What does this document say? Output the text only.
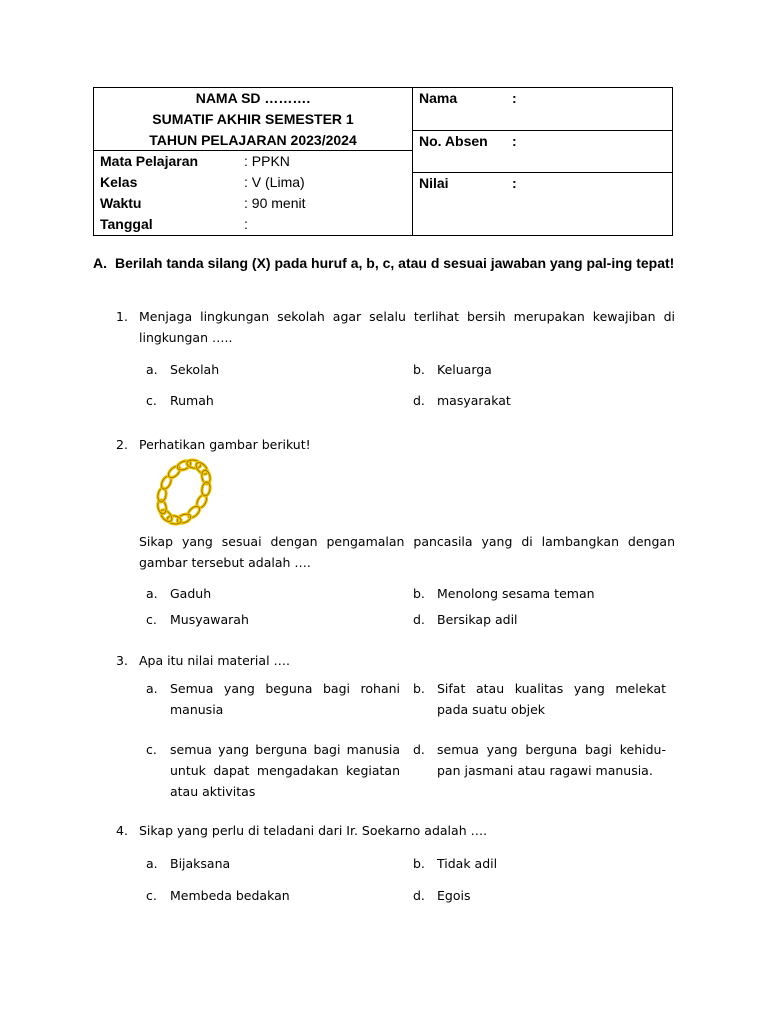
NAMA SD ……….
SUMATIF AKHIR SEMESTER 1
TAHUN PELAJARAN 2023/2024
Mata Pelajaran	: PPKN
Kelas	: V (Lima)
Waktu	: 90 menit
Tanggal	:
Nama	:
No. Absen :
Nilai	:
A. Berilah tanda silang (X) pada huruf a, b, c, atau d sesuai jawaban yang pal-ing tepat!
1. Menjaga lingkungan sekolah agar selalu terlihat bersih merupakan kewajiban di lingkungan …..
a. Sekolah	b. Keluarga
c. Rumah	d. masyarakat
2. Perhatikan gambar berikut!
Sikap yang sesuai dengan pengamalan pancasila yang di lambangkan dengan gambar tersebut adalah ….
a. Gaduh	b. Menolong sesama teman
c. Musyawarah	d. Bersikap adil
3. Apa itu nilai material ….
a. Semua yang beguna bagi rohani manusia
b. Sifat atau kualitas yang melekat pada suatu objek
c. semua yang berguna bagi manusia untuk dapat mengadakan kegiatan atau aktivitas
d. semua yang berguna bagi kehidu-pan jasmani atau ragawi manusia.
4. Sikap yang perlu di teladani dari Ir. Soekarno adalah ….
a. Bijaksana	b. Tidak adil
c. Membeda bedakan	d. Egois
